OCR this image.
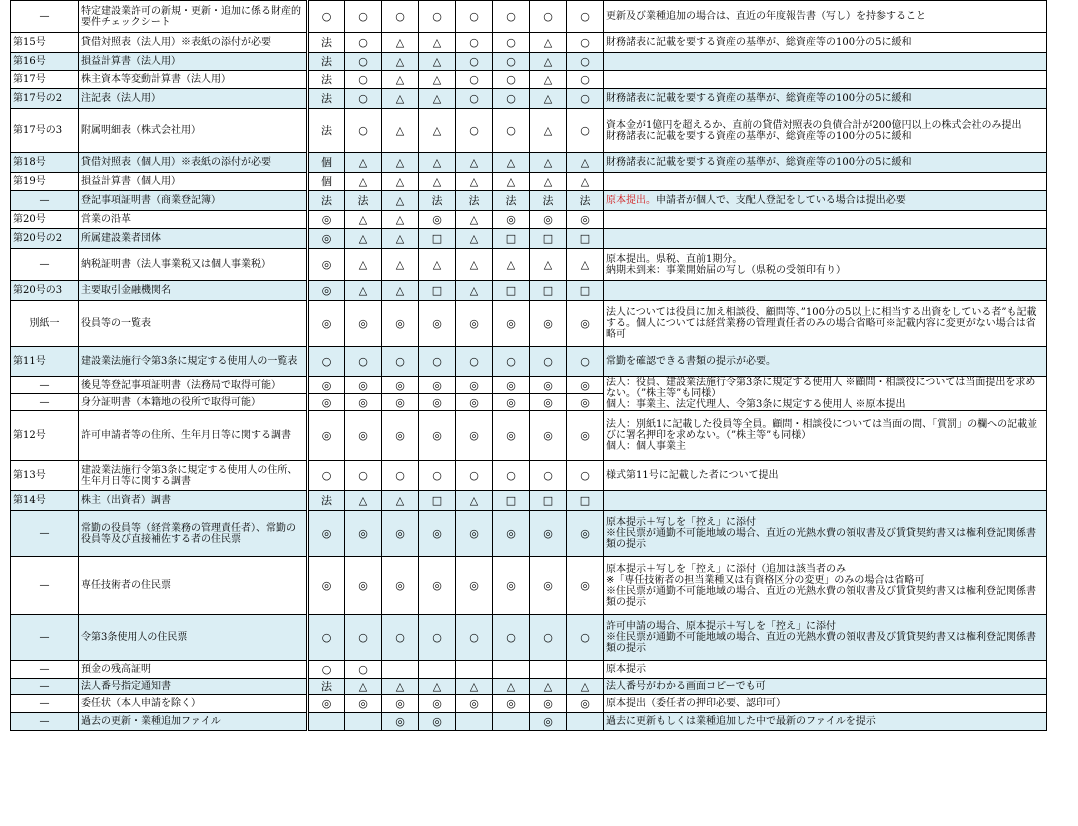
—	特定建設業許可の新規・更新・追加に係る財産的要件チェックシート	○	○	○	○	○	○	○	○	更新及び業種追加の場合は、直近の年度報告書（写し）を持参すること
第15号	貸借対照表（法人用）※表紙の添付が必要	法	○	△	△	○	○	△	○	財務諸表に記載を要する資産の基準が、総資産等の100分の5に緩和
第16号	損益計算書（法人用）	法	○	△	△	○	○	△	○	
第17号	株主資本等変動計算書（法人用）	法	○	△	△	○	○	△	○	
第17号の2	注記表（法人用）	法	○	△	△	○	○	△	○	財務諸表に記載を要する資産の基準が、総資産等の100分の5に緩和
第17号の3	附属明細表（株式会社用）	法	○	△	△	○	○	△	○	資本金が1億円を超えるか、直前の貸借対照表の負債合計が200億円以上の株式会社のみ提出
財務諸表に記載を要する資産の基準が、総資産等の100分の5に緩和
第18号	貸借対照表（個人用）※表紙の添付が必要	個	△	△	△	△	△	△	△	財務諸表に記載を要する資産の基準が、総資産等の100分の5に緩和
第19号	損益計算書（個人用）	個	△	△	△	△	△	△	△	
—	登記事項証明書（商業登記簿）	法	法	△	法	法	法	法	法	原本提出。申請者が個人で、支配人登記をしている場合は提出必要
第20号	営業の沿革	◎	△	△	◎	△	◎	◎	◎	
第20号の2	所属建設業者団体	◎	△	△	□	△	□	□	□	
—	納税証明書（法人事業税又は個人事業税）	◎	△	△	△	△	△	△	△	原本提出。県税、直前1期分。
納期未到来：事業開始届の写し（県税の受領印有り）
第20号の3	主要取引金融機関名	◎	△	△	□	△	□	□	□	
別紙一	役員等の一覧表	◎	◎	◎	◎	◎	◎	◎	◎	法人については役員に加え相談役、顧問等、”100分の5以上に相当する出資をしている者”も記載する。個人については経営業務の管理責任者のみの場合省略可※記載内容に変更がない場合は省略可
第11号	建設業法施行令第3条に規定する使用人の一覧表	○	○	○	○	○	○	○	○	常勤を確認できる書類の提示が必要。
—	後見等登記事項証明書（法務局で取得可能）	◎	◎	◎	◎	◎	◎	◎	◎	法人：役員、建設業法施行令第3条に規定する使用人 ※顧問・相談役については当面提出を求めない。（”株主等”も同様）
個人：事業主、法定代理人、令第3条に規定する使用人 ※原本提出
—	身分証明書（本籍地の役所で取得可能）	◎	◎	◎	◎	◎	◎	◎	◎	
第12号	許可申請者等の住所、生年月日等に関する調書	◎	◎	◎	◎	◎	◎	◎	◎	法人：別紙1に記載した役員等全員。顧問・相談役については当面の間、「賞罰」の欄への記載並びに署名押印を求めない。（”株主等”も同様）
個人：個人事業主
第13号	建設業法施行令第3条に規定する使用人の住所、生年月日等に関する調書	○	○	○	○	○	○	○	○	様式第11号に記載した者について提出
第14号	株主（出資者）調書	法	△	△	□	△	□	□	□	
—	常勤の役員等（経営業務の管理責任者）、常勤の役員等及び直接補佐する者の住民票	◎	◎	◎	◎	◎	◎	◎	◎	原本提示＋写しを「控え」に添付
※住民票が通勤不可能地域の場合、直近の光熱水費の領収書及び賃貸契約書又は権利登記関係書類の提示
—	専任技術者の住民票	◎	◎	◎	◎	◎	◎	◎	◎	原本提示＋写しを「控え」に添付（追加は該当者のみ
※「専任技術者の担当業種又は有資格区分の変更」のみの場合は省略可
※住民票が通勤不可能地域の場合、直近の光熱水費の領収書及び賃貸契約書又は権利登記関係書類の提示
—	令第3条使用人の住民票	○	○	○	○	○	○	○	○	許可申請の場合、原本提示＋写しを「控え」に添付
※住民票が通勤不可能地域の場合、直近の光熱水費の領収書及び賃貸契約書又は権利登記関係書類の提示
—	預金の残高証明	○	○							原本提示
—	法人番号指定通知書	法	△	△	△	△	△	△	△	法人番号がわかる画面コピーでも可
—	委任状（本人申請を除く）	◎	◎	◎	◎	◎	◎	◎	◎	原本提出（委任者の押印必要、認印可）
—	過去の更新・業種追加ファイル			◎	◎			◎		過去に更新もしくは業種追加した中で最新のファイルを提示
